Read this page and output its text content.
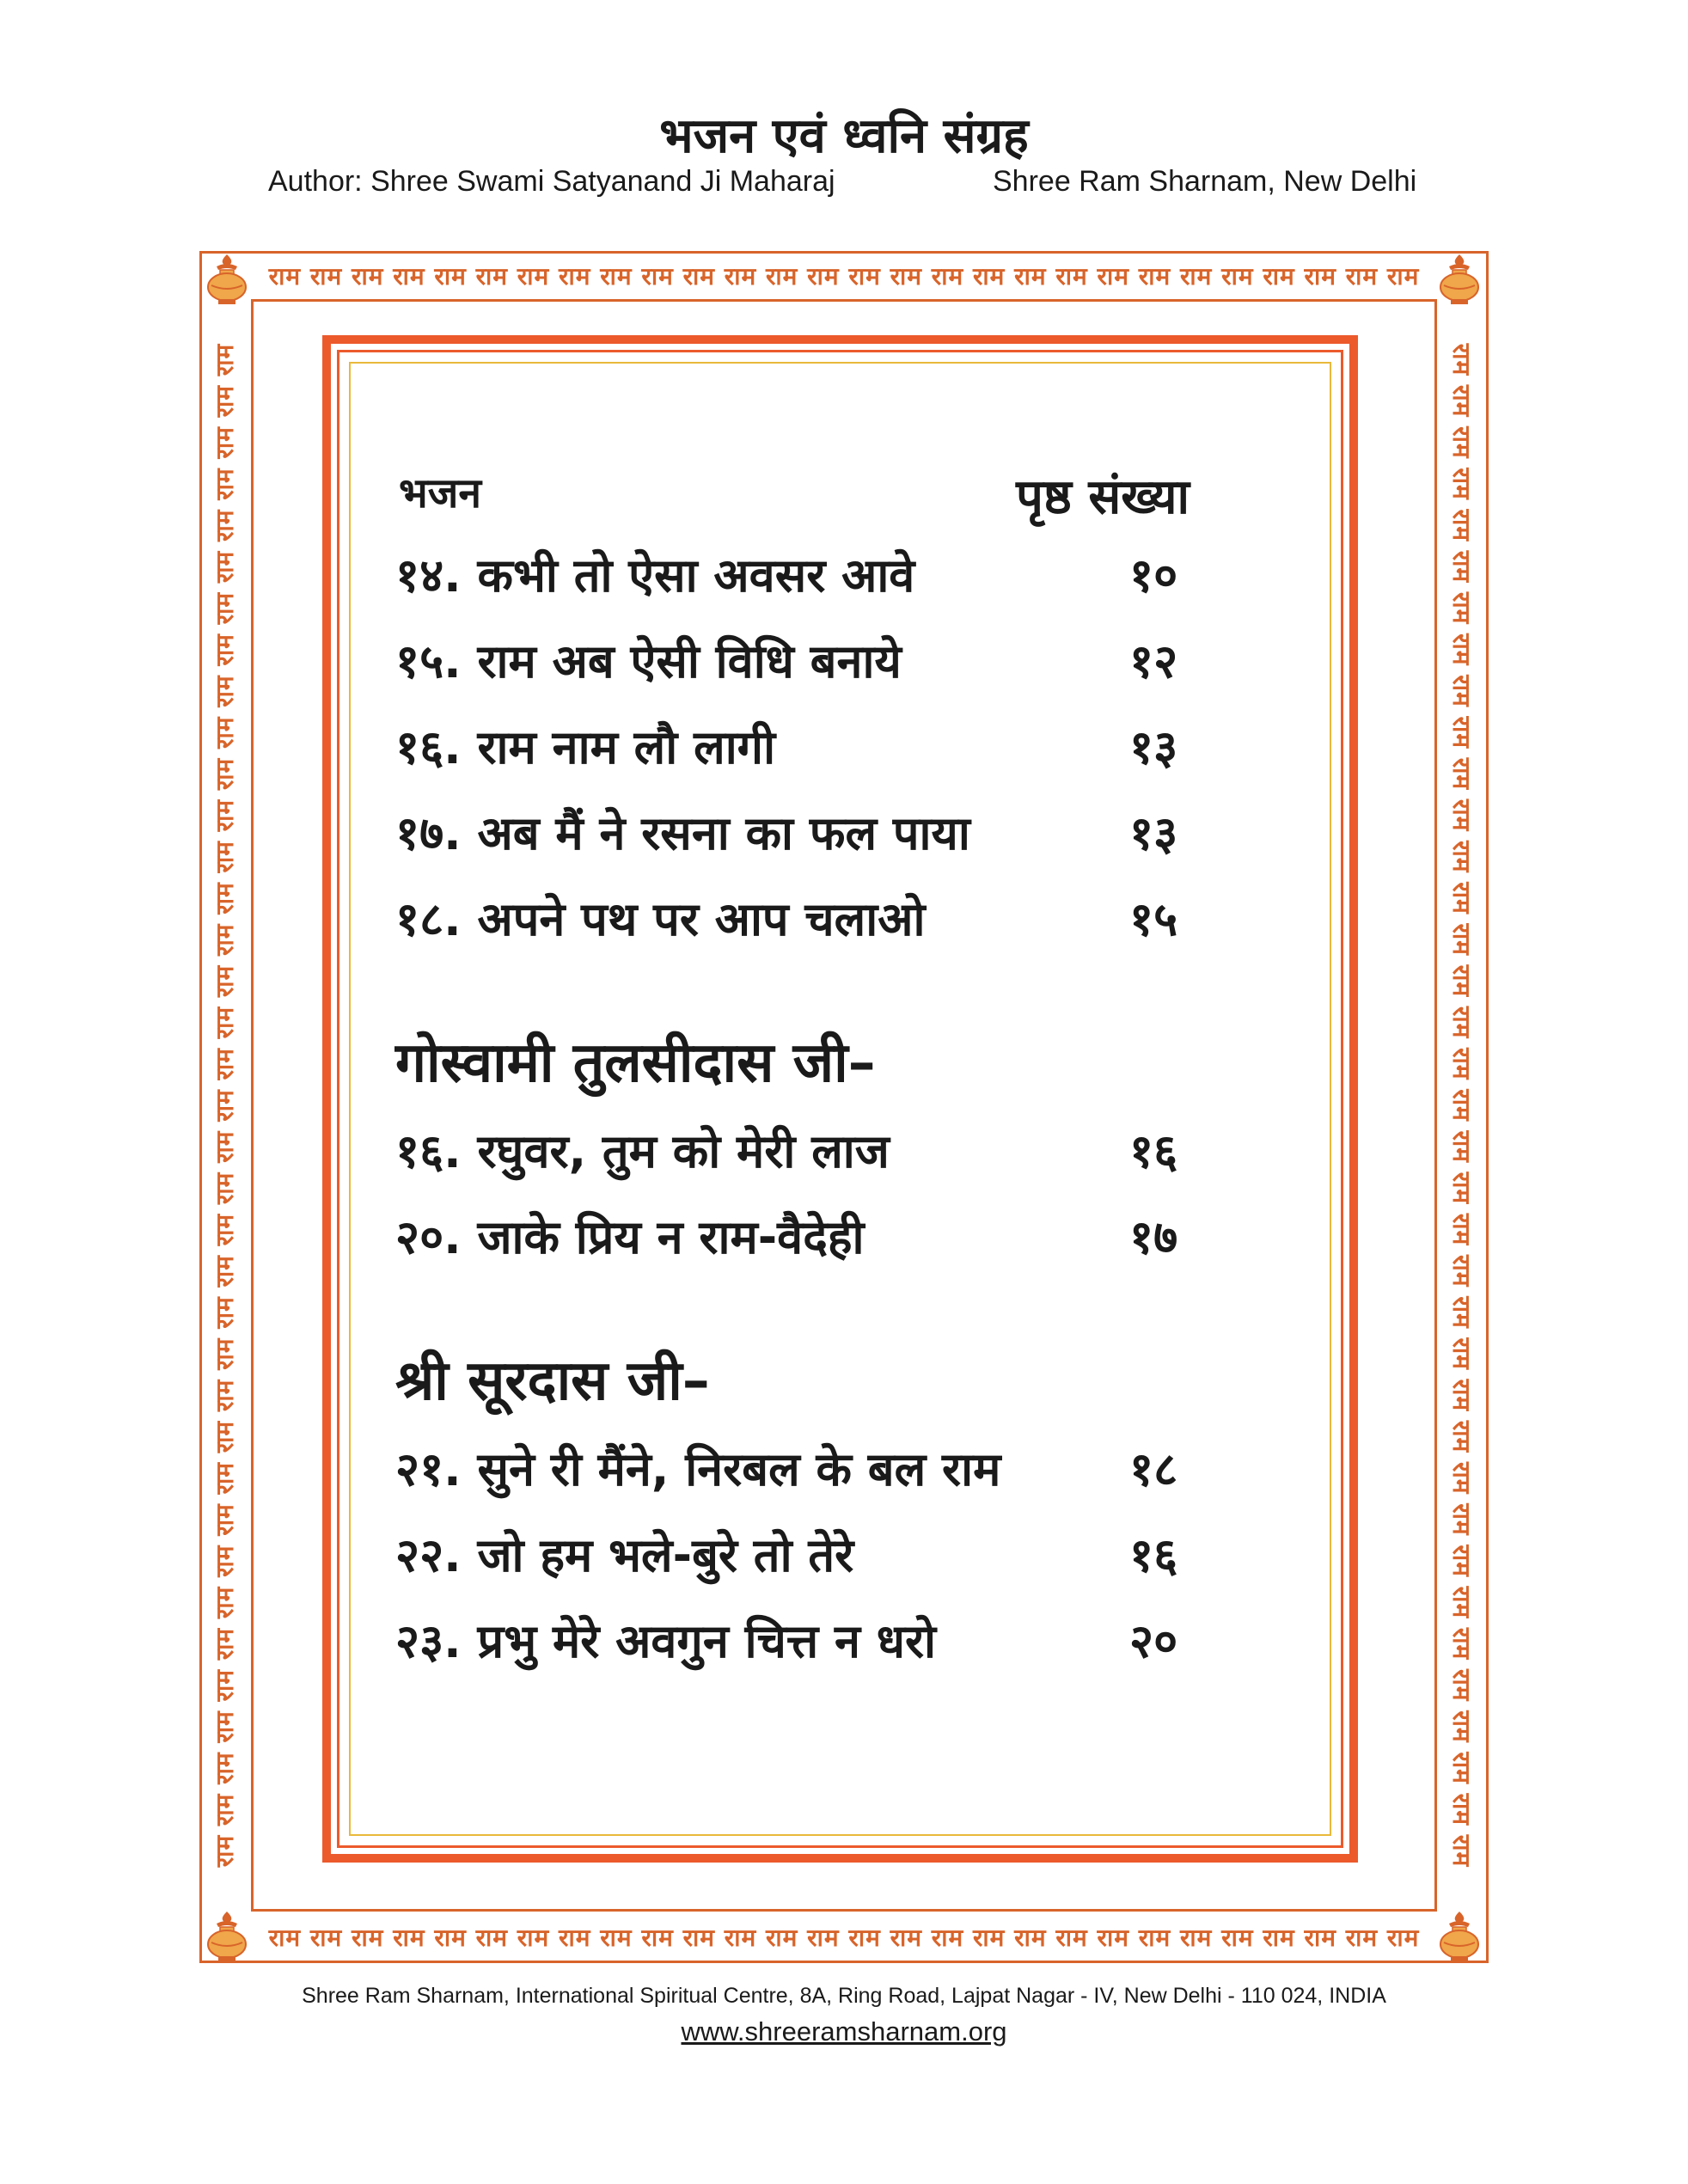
भजन एवं ध्वनि संग्रह
Author: Shree Swami Satyanand Ji Maharaj	Shree Ram Sharnam, New Delhi
राम राम राम राम राम राम राम राम राम राम राम राम राम राम राम राम राम राम राम राम राम राम राम राम राम राम राम राम
राम राम राम राम राम राम राम राम राम राम राम राम राम राम राम राम राम राम राम राम राम राम राम राम राम राम राम राम
राम राम राम राम राम राम राम राम राम राम राम राम राम राम राम राम राम राम राम राम राम राम राम राम राम राम राम राम राम राम राम राम राम राम राम राम राम	राम राम राम राम राम राम राम राम राम राम राम राम राम राम राम राम राम राम राम राम राम राम राम राम राम राम राम राम राम राम राम राम राम राम राम राम राम
भजन	पृष्ठ संख्या
१४. कभी तो ऐसा अवसर आवे	१०
१५. राम अब ऐसी विधि बनाये	१२
१६. राम नाम लौ लागी	१३
१७. अब मैं ने रसना का फल पाया	१३
१८. अपने पथ पर आप चलाओ	१५
गोस्वामी तुलसीदास जी–
१६. रघुवर, तुम को मेरी लाज	१६
२०. जाके प्रिय न राम-वैदेही	१७
श्री सूरदास जी–
२१. सुने री मैंने, निरबल के बल राम	१८
२२. जो हम भले-बुरे तो तेरे	१६
२३. प्रभु मेरे अवगुन चित्त न धरो	२०
Shree Ram Sharnam, International Spiritual Centre, 8A, Ring Road, Lajpat Nagar - IV, New Delhi - 110 024, INDIA
www.shreeramsharnam.org
